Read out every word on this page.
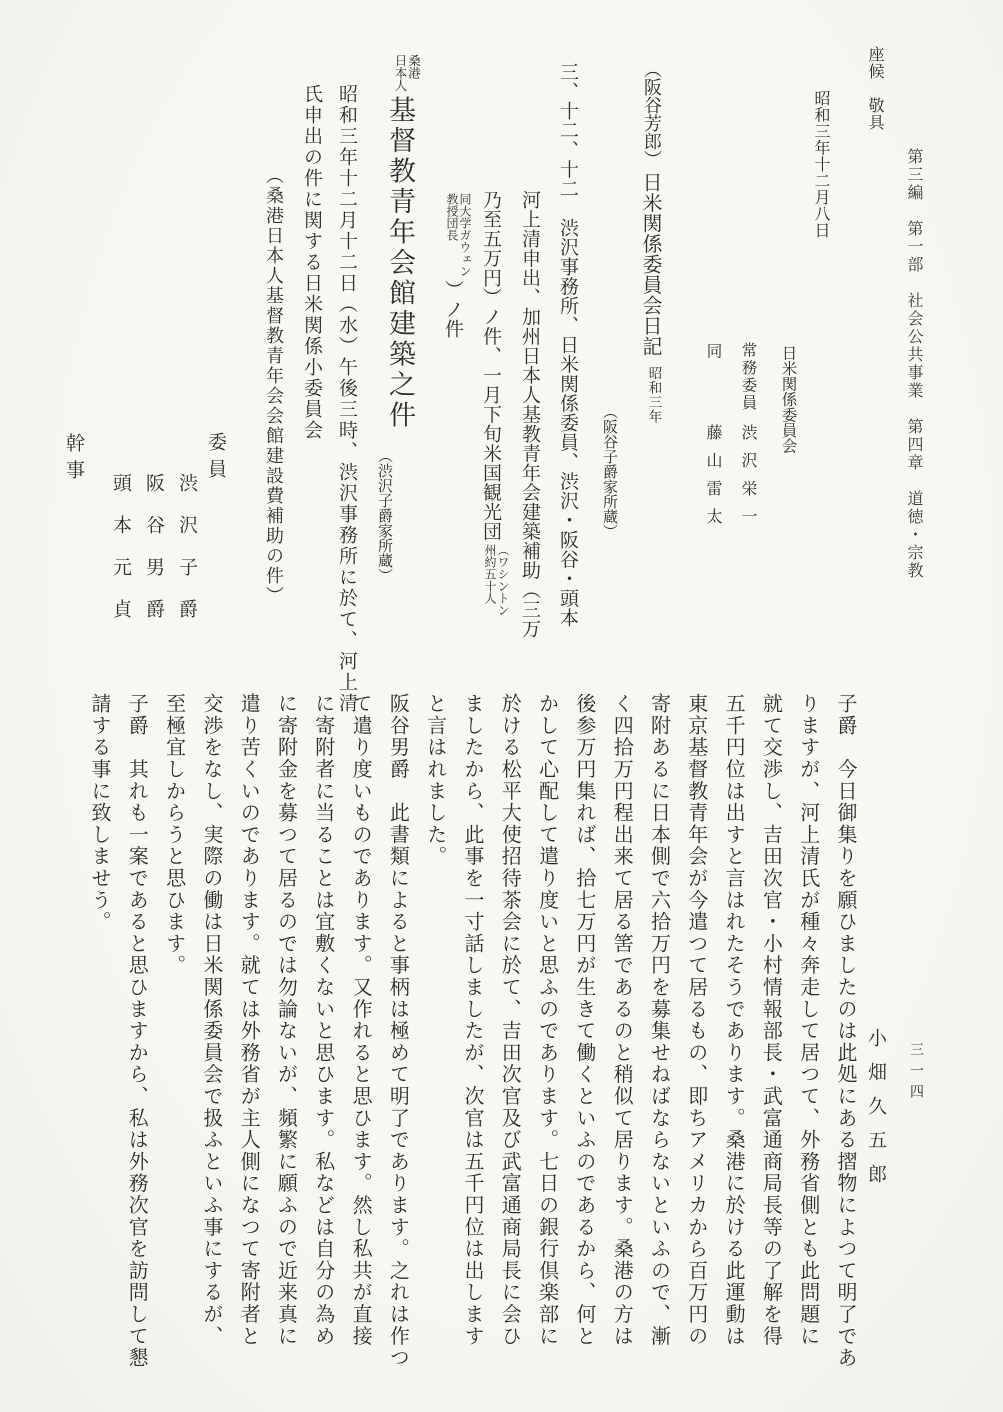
第三編　第一部　社会公共事業　第四章　道徳・宗教
三一四
座候　敬具
昭和三年十二月八日
日米関係委員会
常務委員
渋沢栄一
同
藤山雷太
（阪谷芳郎）
日米関係委員会日記
昭和三年
（阪谷子爵家所蔵）
三、十二、十二　渋沢事務所、日米関係委員、渋沢・阪谷・頭本
河上清申出、加州日本人基教青年会建築補助（三万
乃至五万円）ノ件、一月下旬米国観光団
（ワシントン
州約五十人
同大学ガウェン
教授団長
）ノ件
桑港
日本人
基督教青年会館建築之件
（渋沢子爵家所蔵）
昭和三年十二月十二日（水）午後三時、渋沢事務所に於て、河上清
氏申出の件に関する日米関係小委員会
（桑港日本人基督教青年会会館建設費補助の件）
委員
渋沢子爵
阪谷男爵
頭本元貞
幹事
小畑久五郎
子爵　今日御集りを願ひましたのは此処にある摺物によつて明了であ
りますが、河上清氏が種々奔走して居つて、外務省側とも此問題に
就て交渉し、吉田次官・小村情報部長・武富通商局長等の了解を得
五千円位は出すと言はれたそうであります。桑港に於ける此運動は
東京基督教青年会が今遣つて居るもの、即ちアメリカから百万円の
寄附あるに日本側で六拾万円を募集せねばならないといふので、漸
く四拾万円程出来て居る筈であるのと稍似て居ります。桑港の方は
後参万円集れば、拾七万円が生きて働くといふのであるから、何と
かして心配して遣り度いと思ふのであります。七日の銀行倶楽部に
於ける松平大使招待茶会に於て、吉田次官及び武富通商局長に会ひ
ましたから、此事を一寸話しましたが、次官は五千円位は出します
と言はれました。
阪谷男爵　此書類によると事柄は極めて明了であります。之れは作つ
て遣り度いものであります。又作れると思ひます。然し私共が直接
に寄附者に当ることは宜敷くないと思ひます。私などは自分の為め
に寄附金を募つて居るのでは勿論ないが、頻繁に願ふので近来真に
遣り苦くいのであります。就ては外務省が主人側になつて寄附者と
交渉をなし、実際の働は日米関係委員会で扱ふといふ事にするが、
至極宜しからうと思ひます。
子爵　其れも一案であると思ひますから、私は外務次官を訪問して懇
請する事に致しませう。
